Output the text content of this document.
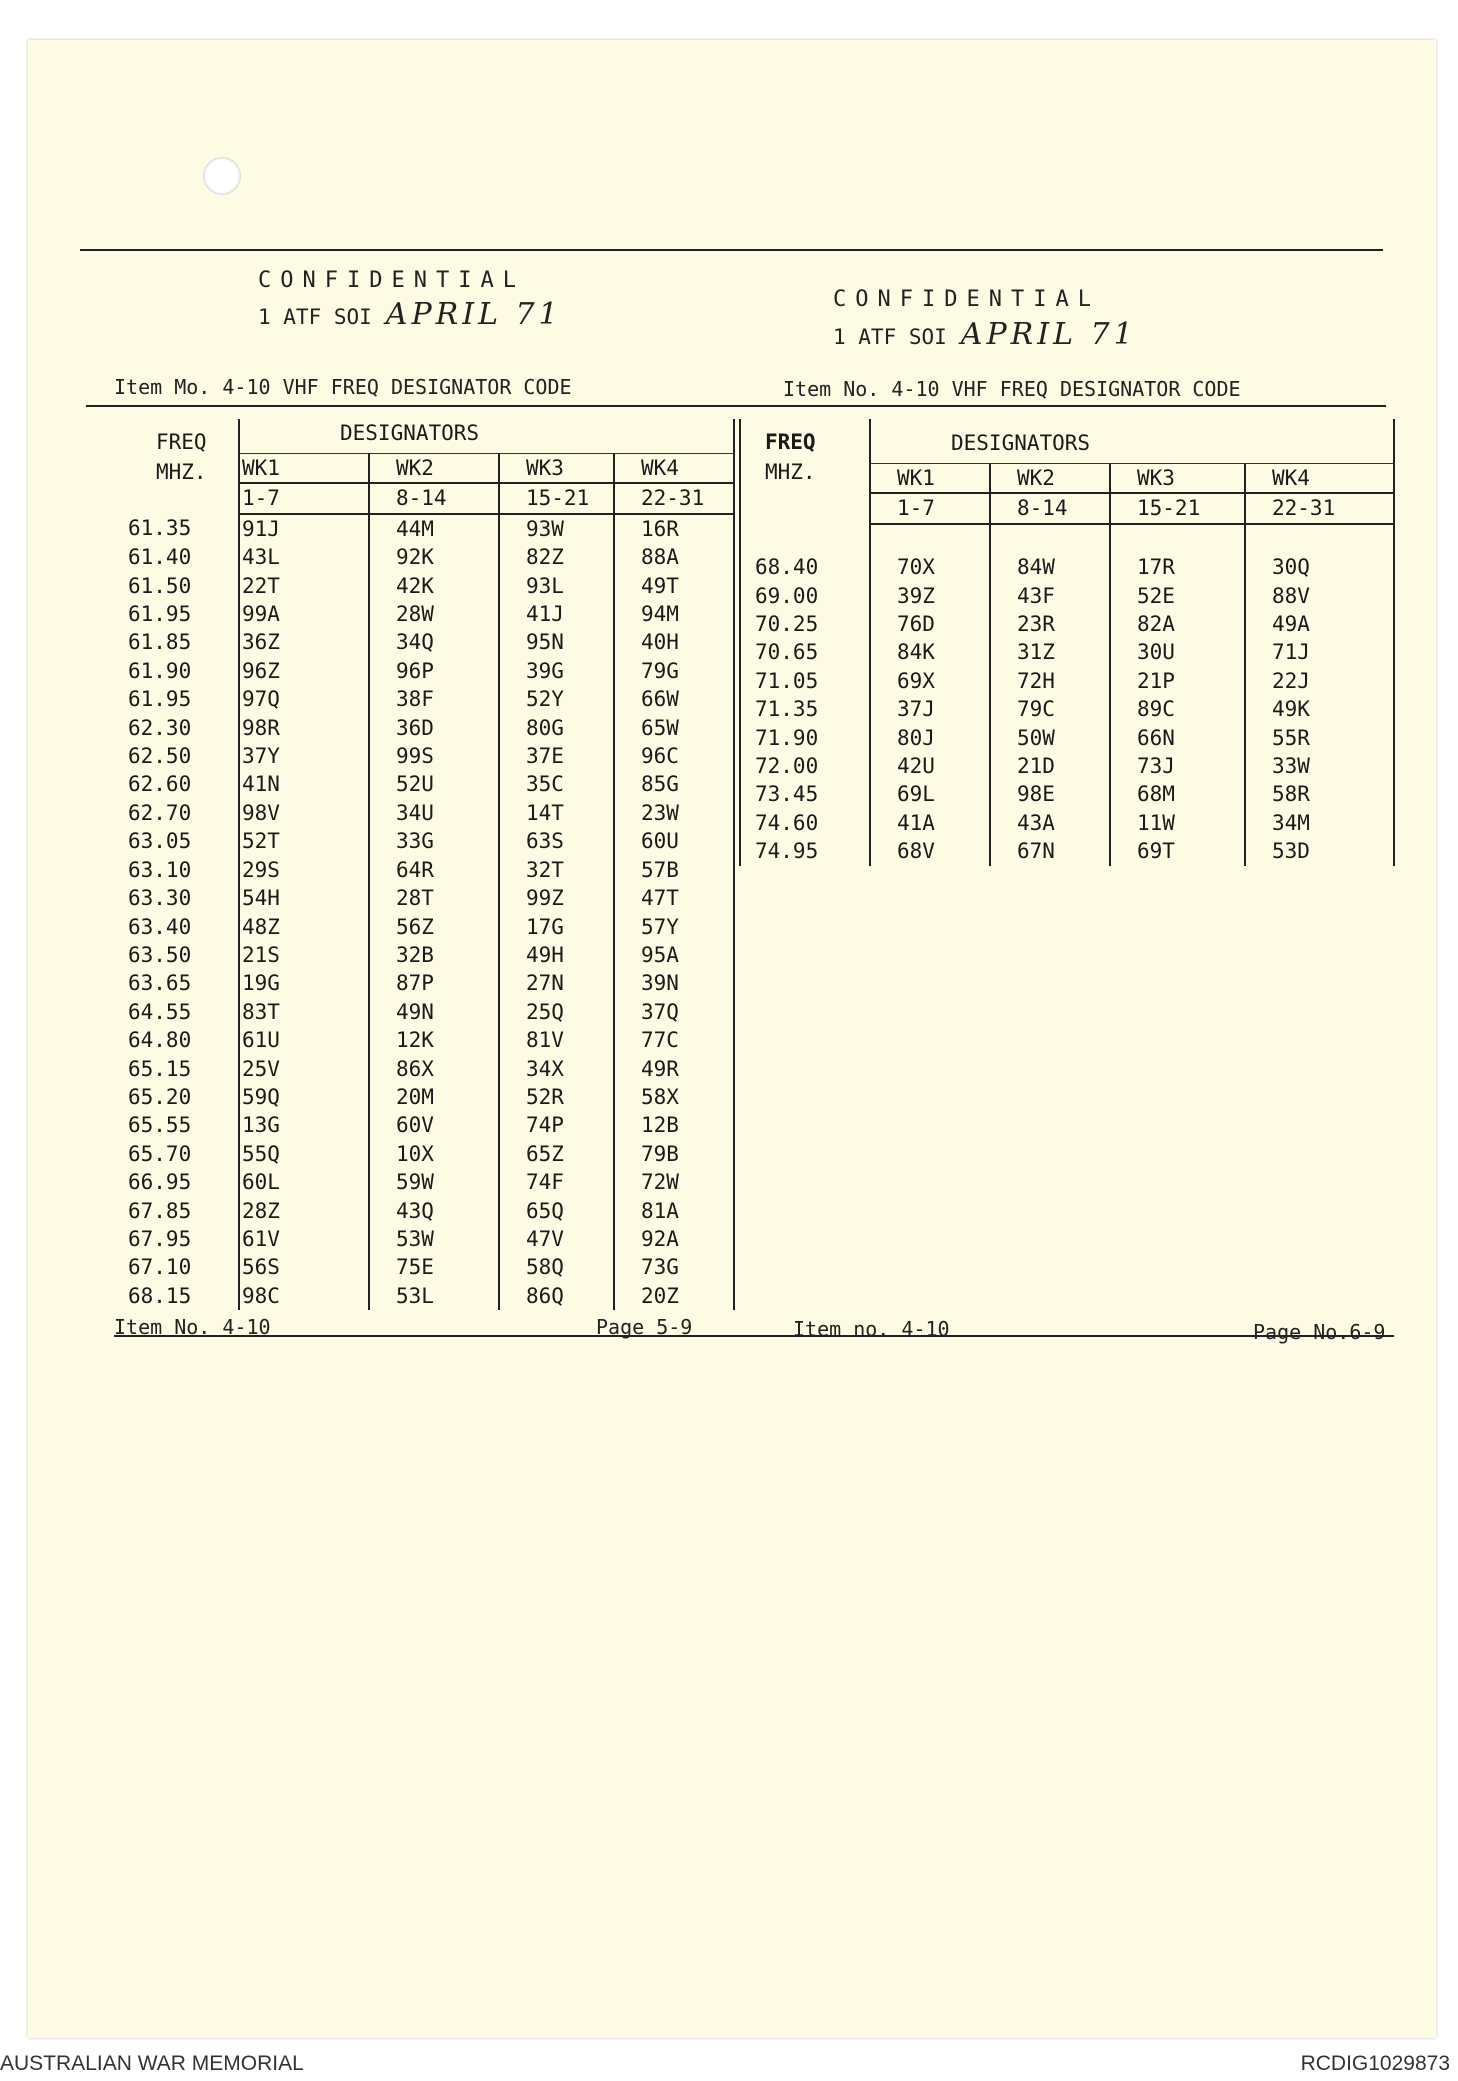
CONFIDENTIAL
1 ATF SOI APRIL 71
Item Mo. 4-10 VHF FREQ DESIGNATOR CODE
FREQ
MHZ.	DESIGNATORS			
	WK1	WK2	WK3	WK4
	1-7	8-14	15-21	22-31
61.35	91J	44M	93W	16R
61.40	43L	92K	82Z	88A
61.50	22T	42K	93L	49T
61.95	99A	28W	41J	94M
61.85	36Z	34Q	95N	40H
61.90	96Z	96P	39G	79G
61.95	97Q	38F	52Y	66W
62.30	98R	36D	80G	65W
62.50	37Y	99S	37E	96C
62.60	41N	52U	35C	85G
62.70	98V	34U	14T	23W
63.05	52T	33G	63S	60U
63.10	29S	64R	32T	57B
63.30	54H	28T	99Z	47T
63.40	48Z	56Z	17G	57Y
63.50	21S	32B	49H	95A
63.65	19G	87P	27N	39N
64.55	83T	49N	25Q	37Q
64.80	61U	12K	81V	77C
65.15	25V	86X	34X	49R
65.20	59Q	20M	52R	58X
65.55	13G	60V	74P	12B
65.70	55Q	10X	65Z	79B
66.95	60L	59W	74F	72W
67.85	28Z	43Q	65Q	81A
67.95	61V	53W	47V	92A
67.10	56S	75E	58Q	73G
68.15	98C	53L	86Q	20Z
Item No. 4-10	Page 5-9
CONFIDENTIAL
1 ATF SOI APRIL 71
Item No. 4-10 VHF FREQ DESIGNATOR CODE
FREQ
MHZ.	DESIGNATORS			
	WK1	WK2	WK3	WK4
	1-7	8-14	15-21	22-31

68.40	70X	84W	17R	30Q
69.00	39Z	43F	52E	88V
70.25	76D	23R	82A	49A
70.65	84K	31Z	30U	71J
71.05	69X	72H	21P	22J
71.35	37J	79C	89C	49K
71.90	80J	50W	66N	55R
72.00	42U	21D	73J	33W
73.45	69L	98E	68M	58R
74.60	41A	43A	11W	34M
74.95	68V	67N	69T	53D

Item no. 4-10	Page No.6-9
AUSTRALIAN WAR MEMORIAL	RCDIG1029873
